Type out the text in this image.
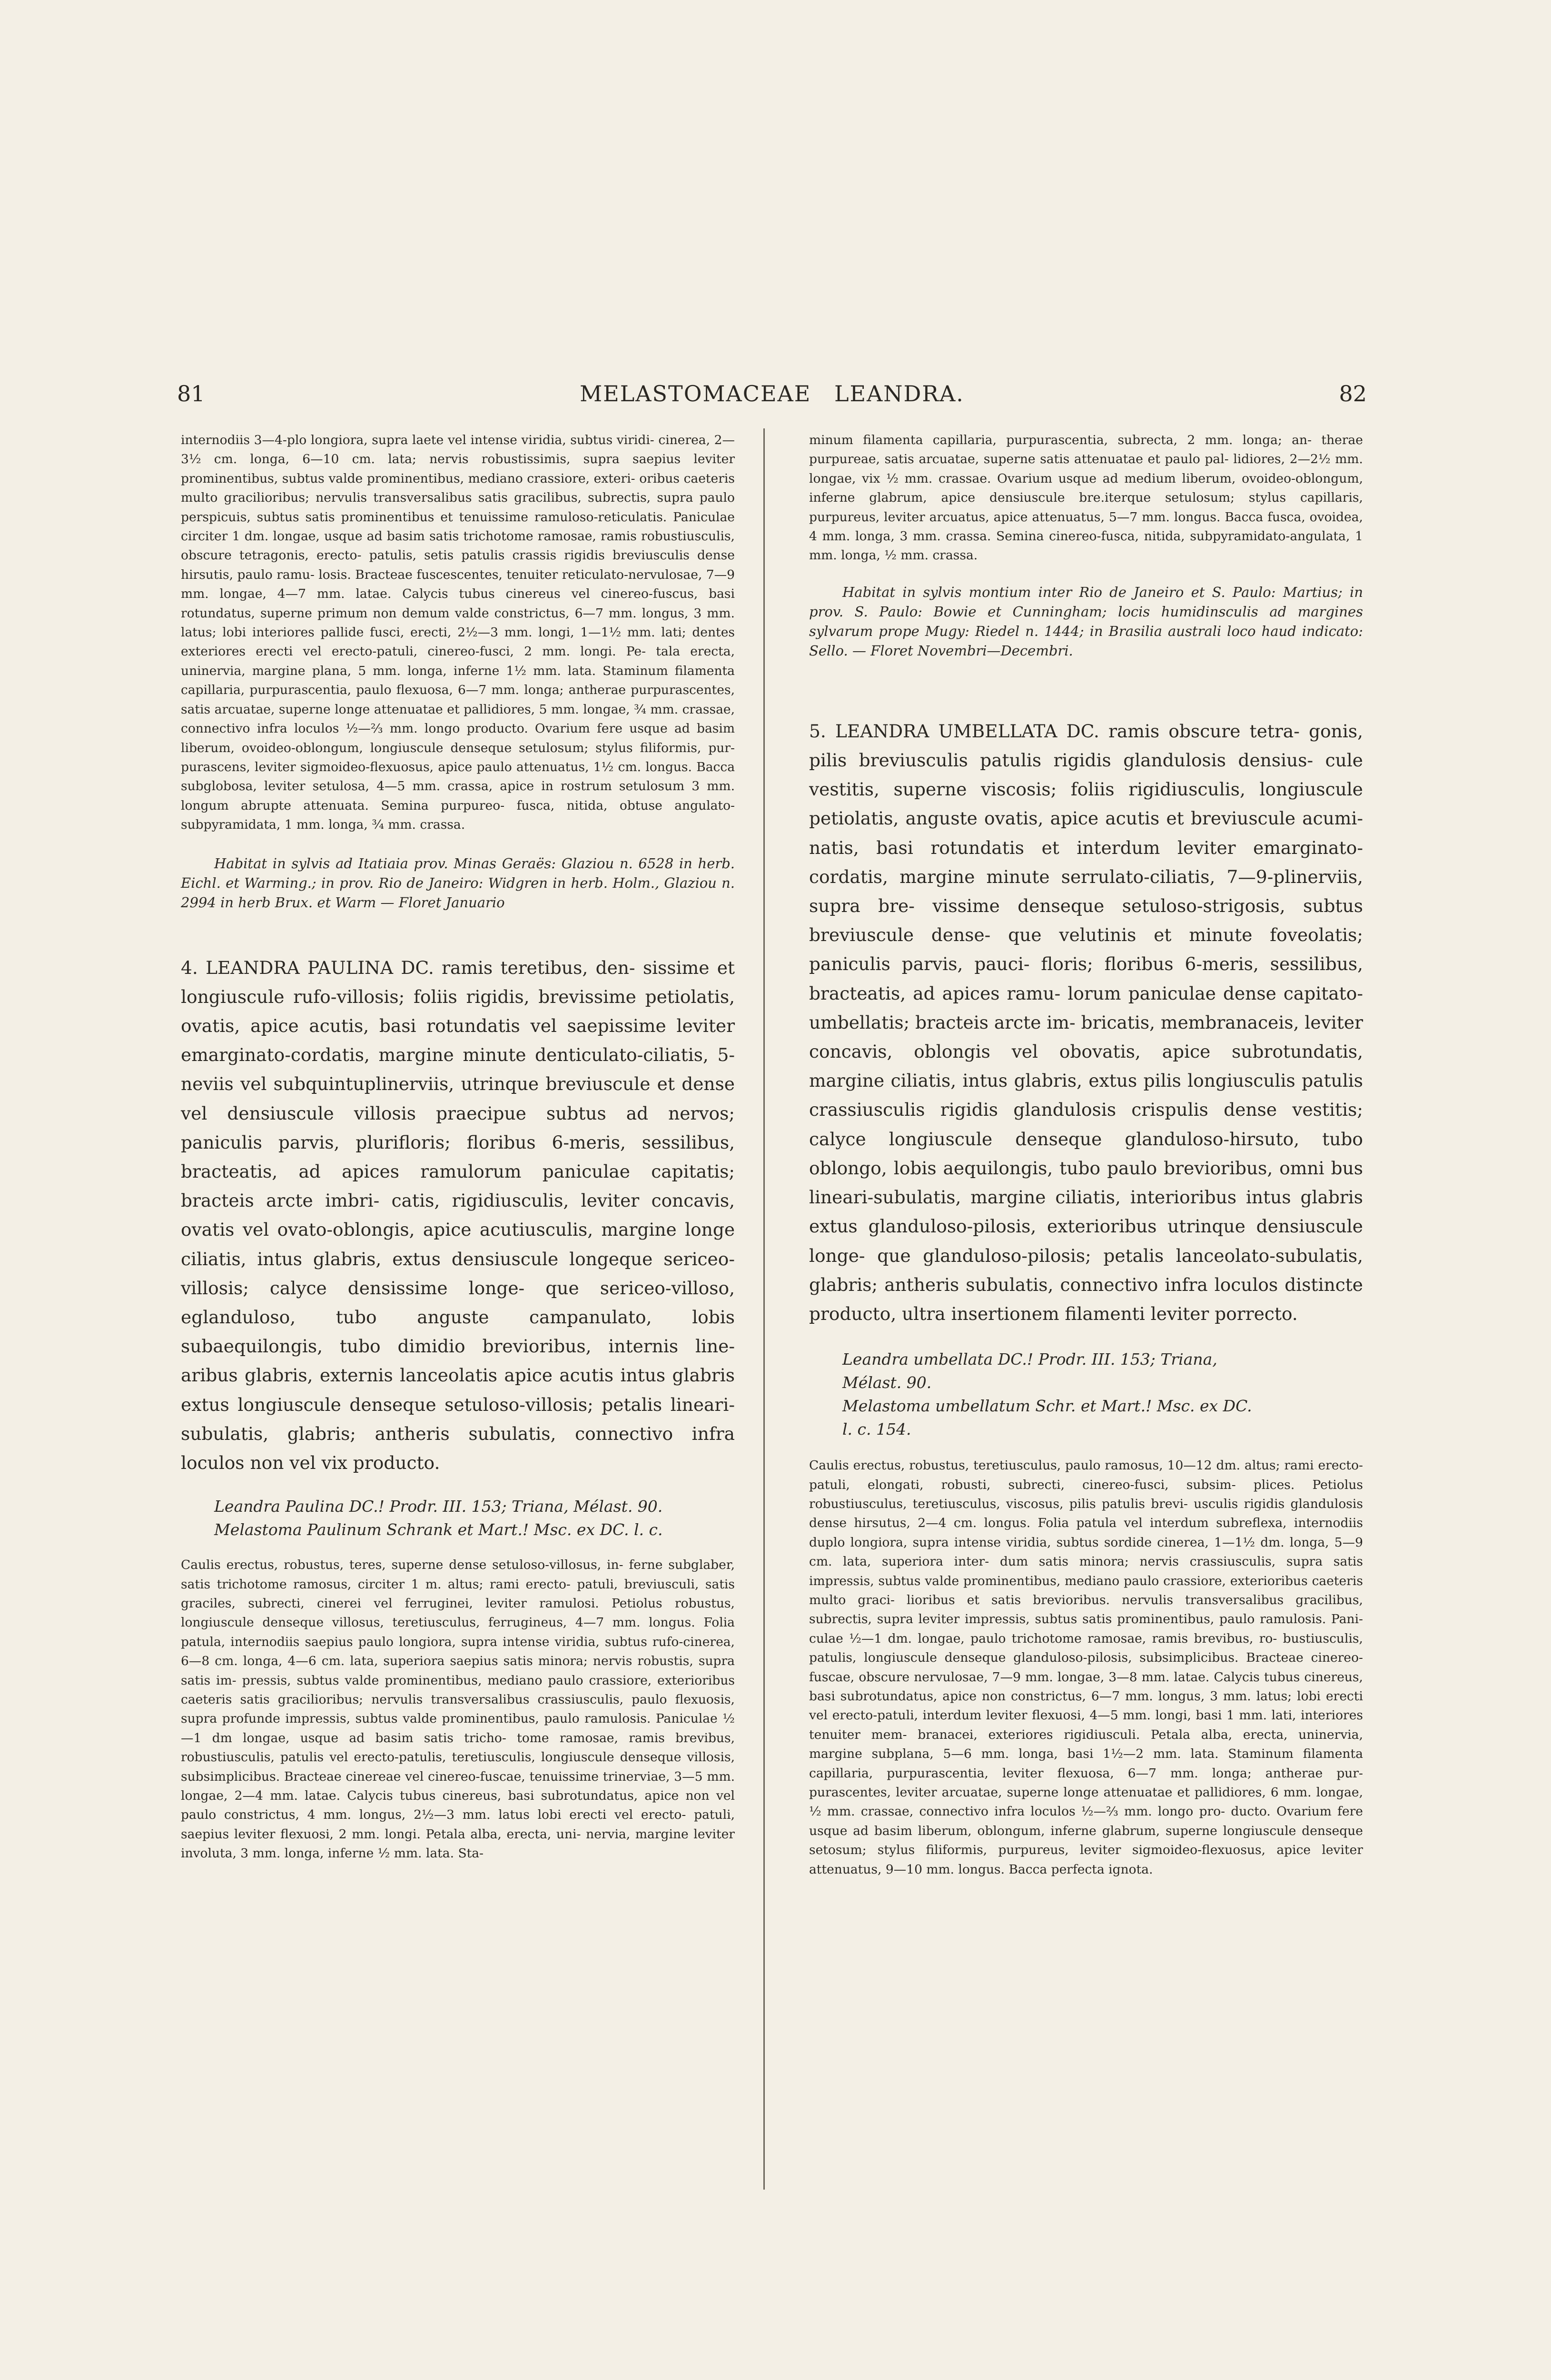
81	MELASTOMACEAE LEANDRA.	82
internodiis 3—4-plo longiora, supra laete vel intense viridia, subtus viridi- cinerea, 2—3½ cm. longa, 6—10 cm. lata; nervis robustissimis, supra saepius leviter prominentibus, subtus valde prominentibus, mediano crassiore, exteri- oribus caeteris multo gracilioribus; nervulis transversalibus satis gracilibus, subrectis, supra paulo perspicuis, subtus satis prominentibus et tenuissime ramuloso-reticulatis. Paniculae circiter 1 dm. longae, usque ad basim satis trichotome ramosae, ramis robustiusculis, obscure tetragonis, erecto- patulis, setis patulis crassis rigidis breviusculis dense hirsutis, paulo ramu- losis. Bracteae fuscescentes, tenuiter reticulato-nervulosae, 7—9 mm. longae, 4—7 mm. latae. Calycis tubus cinereus vel cinereo-fuscus, basi rotundatus, superne primum non demum valde constrictus, 6—7 mm. longus, 3 mm. latus; lobi interiores pallide fusci, erecti, 2½—3 mm. longi, 1—1½ mm. lati; dentes exteriores erecti vel erecto-patuli, cinereo-fusci, 2 mm. longi. Pe- tala erecta, uninervia, margine plana, 5 mm. longa, inferne 1½ mm. lata. Staminum filamenta capillaria, purpurascentia, paulo flexuosa, 6—7 mm. longa; antherae purpurascentes, satis arcuatae, superne longe attenuatae et pallidiores, 5 mm. longae, ¾ mm. crassae, connectivo infra loculos ½—⅔ mm. longo producto. Ovarium fere usque ad basim liberum, ovoideo-oblongum, longiuscule denseque setulosum; stylus filiformis, pur- purascens, leviter sigmoideo-flexuosus, apice paulo attenuatus, 1½ cm. longus. Bacca subglobosa, leviter setulosa, 4—5 mm. crassa, apice in rostrum setulosum 3 mm. longum abrupte attenuata. Semina purpureo- fusca, nitida, obtuse angulato-subpyramidata, 1 mm. longa, ¾ mm. crassa.
Habitat in sylvis ad Itatiaia prov. Minas Geraës: Glaziou n. 6528 in herb. Eichl. et Warming.; in prov. Rio de Janeiro: Widgren in herb. Holm., Glaziou n. 2994 in herb Brux. et Warm — Floret Januario
4. LEANDRA PAULINA DC. ramis teretibus, den- sissime et longiuscule rufo-villosis; foliis rigidis, brevissime petiolatis, ovatis, apice acutis, basi rotundatis vel saepissime leviter emarginato-cordatis, margine minute denticulato-ciliatis, 5-neviis vel subquintuplinerviis, utrinque breviuscule et dense vel densiuscule villosis praecipue subtus ad nervos; paniculis parvis, plurifloris; floribus 6-meris, sessilibus, bracteatis, ad apices ramulorum paniculae capitatis; bracteis arcte imbri- catis, rigidiusculis, leviter concavis, ovatis vel ovato-oblongis, apice acutiusculis, margine longe ciliatis, intus glabris, extus densiuscule longeque sericeo-villosis; calyce densissime longe- que sericeo-villoso, eglanduloso, tubo anguste campanulato, lobis subaequilongis, tubo dimidio brevioribus, internis line- aribus glabris, externis lanceolatis apice acutis intus glabris extus longiuscule denseque setuloso-villosis; petalis lineari- subulatis, glabris; antheris subulatis, connectivo infra loculos non vel vix producto.
Leandra Paulina DC.! Prodr. III. 153; Triana, Mélast. 90.
Melastoma Paulinum Schrank et Mart.! Msc. ex DC. l. c.
Caulis erectus, robustus, teres, superne dense setuloso-villosus, in- ferne subglaber, satis trichotome ramosus, circiter 1 m. altus; rami erecto- patuli, breviusculi, satis graciles, subrecti, cinerei vel ferruginei, leviter ramulosi. Petiolus robustus, longiuscule denseque villosus, teretiusculus, ferrugineus, 4—7 mm. longus. Folia patula, internodiis saepius paulo longiora, supra intense viridia, subtus rufo-cinerea, 6—8 cm. longa, 4—6 cm. lata, superiora saepius satis minora; nervis robustis, supra satis im- pressis, subtus valde prominentibus, mediano paulo crassiore, exterioribus caeteris satis gracilioribus; nervulis transversalibus crassiusculis, paulo flexuosis, supra profunde impressis, subtus valde prominentibus, paulo ramulosis. Paniculae ½—1 dm longae, usque ad basim satis tricho- tome ramosae, ramis brevibus, robustiusculis, patulis vel erecto-patulis, teretiusculis, longiuscule denseque villosis, subsimplicibus. Bracteae cinereae vel cinereo-fuscae, tenuissime trinerviae, 3—5 mm. longae, 2—4 mm. latae. Calycis tubus cinereus, basi subrotundatus, apice non vel paulo constrictus, 4 mm. longus, 2½—3 mm. latus lobi erecti vel erecto- patuli, saepius leviter flexuosi, 2 mm. longi. Petala alba, erecta, uni- nervia, margine leviter involuta, 3 mm. longa, inferne ½ mm. lata. Sta-
minum filamenta capillaria, purpurascentia, subrecta, 2 mm. longa; an- therae purpureae, satis arcuatae, superne satis attenuatae et paulo pal- lidiores, 2—2½ mm. longae, vix ½ mm. crassae. Ovarium usque ad medium liberum, ovoideo-oblongum, inferne glabrum, apice densiuscule bre.iterque setulosum; stylus capillaris, purpureus, leviter arcuatus, apice attenuatus, 5—7 mm. longus. Bacca fusca, ovoidea, 4 mm. longa, 3 mm. crassa. Semina cinereo-fusca, nitida, subpyramidato-angulata, 1 mm. longa, ½ mm. crassa.
Habitat in sylvis montium inter Rio de Janeiro et S. Paulo: Martius; in prov. S. Paulo: Bowie et Cunningham; locis humidinsculis ad margines sylvarum prope Mugy: Riedel n. 1444; in Brasilia australi loco haud indicato: Sello. — Floret Novembri—Decembri.
5. LEANDRA UMBELLATA DC. ramis obscure tetra- gonis, pilis breviusculis patulis rigidis glandulosis densius- cule vestitis, superne viscosis; foliis rigidiusculis, longiuscule petiolatis, anguste ovatis, apice acutis et breviuscule acumi- natis, basi rotundatis et interdum leviter emarginato-cordatis, margine minute serrulato-ciliatis, 7—9-plinerviis, supra bre- vissime denseque setuloso-strigosis, subtus breviuscule dense- que velutinis et minute foveolatis; paniculis parvis, pauci- floris; floribus 6-meris, sessilibus, bracteatis, ad apices ramu- lorum paniculae dense capitato-umbellatis; bracteis arcte im- bricatis, membranaceis, leviter concavis, oblongis vel obovatis, apice subrotundatis, margine ciliatis, intus glabris, extus pilis longiusculis patulis crassiusculis rigidis glandulosis crispulis dense vestitis; calyce longiuscule denseque glanduloso-hirsuto, tubo oblongo, lobis aequilongis, tubo paulo brevioribus, omni bus lineari-subulatis, margine ciliatis, interioribus intus glabris extus glanduloso-pilosis, exterioribus utrinque densiuscule longe- que glanduloso-pilosis; petalis lanceolato-subulatis, glabris; antheris subulatis, connectivo infra loculos distincte producto, ultra insertionem filamenti leviter porrecto.
Leandra umbellata DC.! Prodr. III. 153; Triana,
Mélast. 90.
Melastoma umbellatum Schr. et Mart.! Msc. ex DC.
l. c. 154.
Caulis erectus, robustus, teretiusculus, paulo ramosus, 10—12 dm. altus; rami erecto-patuli, elongati, robusti, subrecti, cinereo-fusci, subsim- plices. Petiolus robustiusculus, teretiusculus, viscosus, pilis patulis brevi- usculis rigidis glandulosis dense hirsutus, 2—4 cm. longus. Folia patula vel interdum subreflexa, internodiis duplo longiora, supra intense viridia, subtus sordide cinerea, 1—1½ dm. longa, 5—9 cm. lata, superiora inter- dum satis minora; nervis crassiusculis, supra satis impressis, subtus valde prominentibus, mediano paulo crassiore, exterioribus caeteris multo graci- lioribus et satis brevioribus. nervulis transversalibus gracilibus, subrectis, supra leviter impressis, subtus satis prominentibus, paulo ramulosis. Pani- culae ½—1 dm. longae, paulo trichotome ramosae, ramis brevibus, ro- bustiusculis, patulis, longiuscule denseque glanduloso-pilosis, subsimplicibus. Bracteae cinereo-fuscae, obscure nervulosae, 7—9 mm. longae, 3—8 mm. latae. Calycis tubus cinereus, basi subrotundatus, apice non constrictus, 6—7 mm. longus, 3 mm. latus; lobi erecti vel erecto-patuli, interdum leviter flexuosi, 4—5 mm. longi, basi 1 mm. lati, interiores tenuiter mem- branacei, exteriores rigidiusculi. Petala alba, erecta, uninervia, margine subplana, 5—6 mm. longa, basi 1½—2 mm. lata. Staminum filamenta capillaria, purpurascentia, leviter flexuosa, 6—7 mm. longa; antherae pur- purascentes, leviter arcuatae, superne longe attenuatae et pallidiores, 6 mm. longae, ½ mm. crassae, connectivo infra loculos ½—⅔ mm. longo pro- ducto. Ovarium fere usque ad basim liberum, oblongum, inferne glabrum, superne longiuscule denseque setosum; stylus filiformis, purpureus, leviter sigmoideo-flexuosus, apice leviter attenuatus, 9—10 mm. longus. Bacca perfecta ignota.
